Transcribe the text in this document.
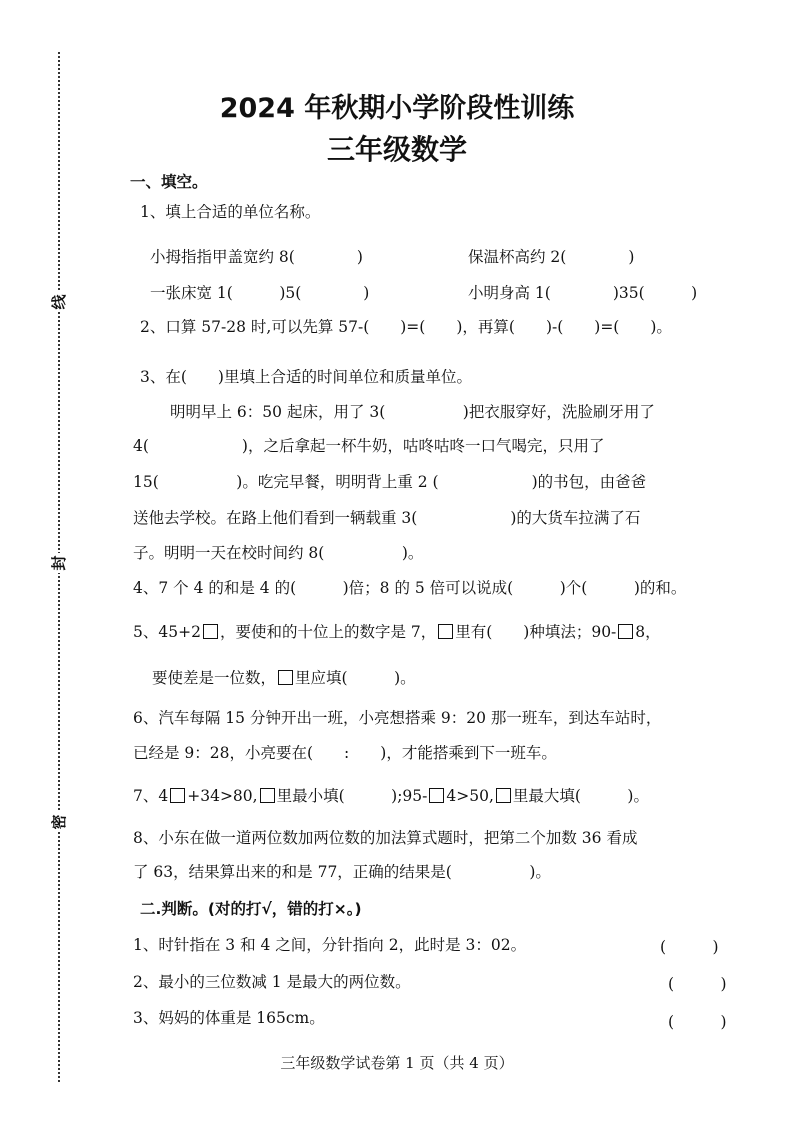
线
封
密
2024 年秋期小学阶段性训练
三年级数学
一、填空。
1、填上合适的单位名称。
小拇指指甲盖宽约 8(　　　　)	保温杯高约 2(　　　　)
一张床宽 1(　　　)5(　　　　)	小明身高 1(　　　　)35(　　　)
2、口算 57-28 时,可以先算 57-(　　)=(　　)，再算(　　)-(　　)=(　　)。
3、在(　　)里填上合适的时间单位和质量单位。
明明早上 6：50 起床，用了 3(　　　　　)把衣服穿好，洗脸刷牙用了
4(　　　　　　)，之后拿起一杯牛奶，咕咚咕咚一口气喝完，只用了
15(　　　　　)。吃完早餐，明明背上重 2 (　　　　　　)的书包，由爸爸
送他去学校。在路上他们看到一辆载重 3(　　　　　　)的大货车拉满了石
子。明明一天在校时间约 8(　　　　　)。
4、7 个 4 的和是 4 的(　　　)倍；8 的 5 倍可以说成(　　　)个(　　　)的和。
5、45+2 ，要使和的十位上的数字是 7， 里有(　　)种填法；90- 8，
要使差是一位数， 里应填(　　　)。
6、汽车每隔 15 分钟开出一班，小亮想搭乘 9：20 那一班车，到达车站时，
已经是 9：28，小亮要在(　　:　　)，才能搭乘到下一班车。
7、4 +34>80, 里最小填(　　　);95- 4>50, 里最大填(　　　)。
8、小东在做一道两位数加两位数的加法算式题时，把第二个加数 36 看成
了 63，结果算出来的和是 77，正确的结果是(　　　　　)。
二.判断。(对的打√，错的打×。)
1、时针指在 3 和 4 之间，分针指向 2，此时是 3：02。	(　　　)
2、最小的三位数减 1 是最大的两位数。	(　　　)
3、妈妈的体重是 165cm。	(　　　)
三年级数学试卷第 1 页（共 4 页）
